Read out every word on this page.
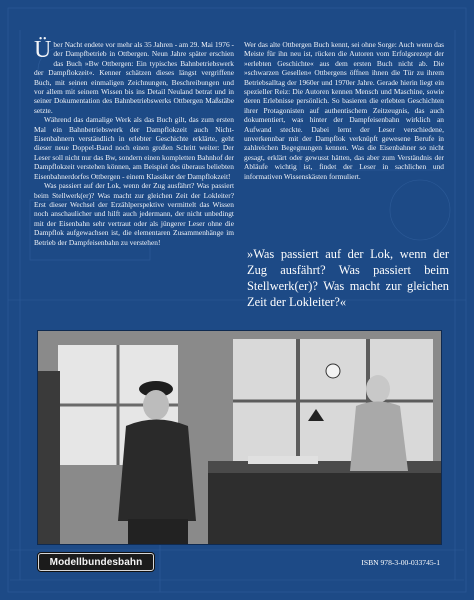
Über Nacht endete vor mehr als 35 Jahren - am 29. Mai 1976 - der Dampfbetrieb in Ottbergen. Neun Jahre später erschien das Buch »Bw Ottbergen: Ein typisches Bahnbetriebswerk der Dampflokzeit«. Kenner schätzen dieses längst vergriffene Buch, mit seinen einmaligen Zeichnungen, Beschreibungen und vor allem mit seinem Wissen bis ins Detail Neuland betrat und in seiner Dokumentation des Bahnbetriebswerks Ottbergen Maßstäbe setzte.

Während das damalige Werk als das Buch gilt, das zum ersten Mal ein Bahnbetriebswerk der Dampflokzeit auch Nicht-Eisenbahnern verständlich in erlebter Geschichte erklärte, geht dieser neue Doppel-Band noch einen großen Schritt weiter: Der Leser soll nicht nur das Bw, sondern einen kompletten Bahnhof der Dampflokzeit verstehen können, am Beispiel des überaus beliebten Eisenbahnerdorfes Ottbergen - einem Klassiker der Dampflokzeit!

Was passiert auf der Lok, wenn der Zug ausfährt? Was passiert beim Stellwerk(er)? Was macht zur gleichen Zeit der Lokleiter? Erst dieser Wechsel der Erzählperspektive vermittelt das Wissen noch anschaulicher und hilft auch jedermann, der nicht unbedingt mit der Eisenbahn sehr vertraut oder als jüngerer Leser ohne die Dampflok aufgewachsen ist, die elementaren Zusammenhänge im Betrieb der Dampfeisenbahn zu verstehen!

Wer das alte Ottbergen Buch kennt, sei ohne Sorge: Auch wenn das Meiste für ihn neu ist, rücken die Autoren vom Erfolgsrezept der »erlebten Geschichte« aus dem ersten Buch nicht ab. Die »schwarzen Gesellen« Ottbergens öffnen ihnen die Tür zu ihrem Betriebsalltag der 1960er und 1970er Jahre. Gerade hierin liegt ein spezieller Reiz: Die Autoren kennen Mensch und Maschine, sowie deren Erlebnisse persönlich. So basieren die erlebten Geschichten ihrer Protagonisten auf authentischem Zeitzeugnis, das auch dokumentiert, was hinter der Dampfeisenbahn wirklich an Aufwand steckte. Dabei lernt der Leser verschiedene, unverkennbar mit der Dampflok verknüpft gewesene Berufe in zahlreichen Begegnungen kennen. Was die Eisenbahner so nicht gesagt, erklärt oder gewusst hätten, das aber zum Verständnis der Abläufe wichtig ist, findet der Leser in sachlichen und informativen Wissenskästen formuliert.

»Was passiert auf der Lok, wenn der Zug ausfährt? Was passiert beim Stellwerk(er)? Was macht zur gleichen Zeit der Lokleiter?«
Modellbundesbahn	ISBN 978-3-00-033745-1
